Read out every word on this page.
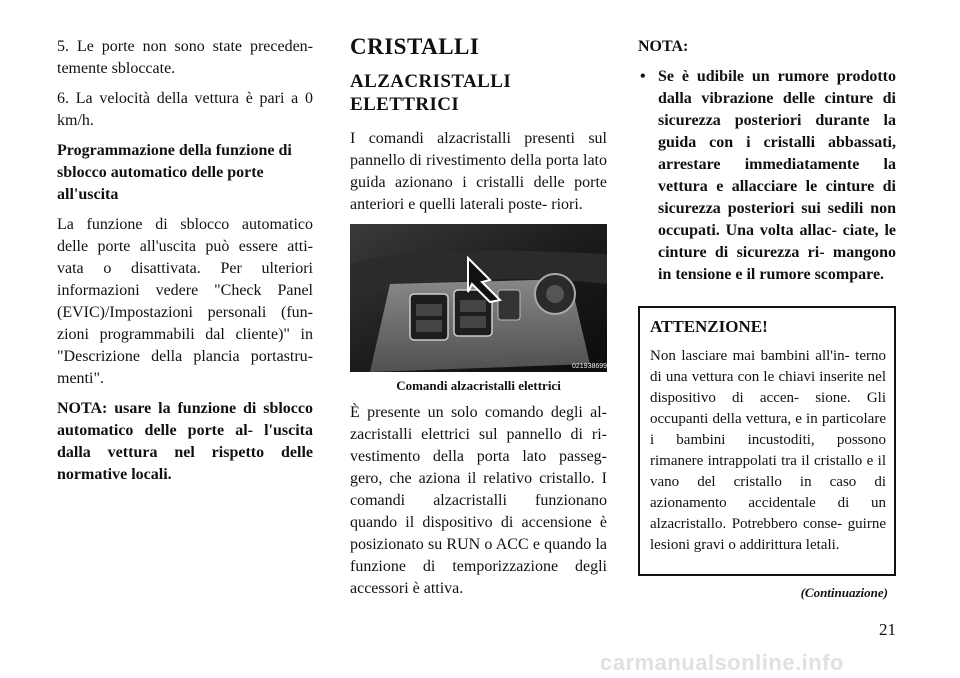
5. Le porte non sono state preceden- temente sbloccate.

6. La velocità della vettura è pari a 0 km/h.

Programmazione della funzione di sblocco automatico delle porte all'uscita

La funzione di sblocco automatico delle porte all'uscita può essere atti- vata o disattivata. Per ulteriori informazioni vedere "Check Panel (EVIC)/Impostazioni personali (fun- zioni programmabili dal cliente)" in "Descrizione della plancia portastru- menti".

NOTA: usare la funzione di sblocco automatico delle porte al- l'uscita dalla vettura nel rispetto delle normative locali.

CRISTALLI
ALZACRISTALLI ELETTRICI

I comandi alzacristalli presenti sul pannello di rivestimento della porta lato guida azionano i cristalli delle porte anteriori e quelli laterali poste- riori.

021938699

Comandi alzacristalli elettrici

È presente un solo comando degli al- zacristalli elettrici sul pannello di ri- vestimento della porta lato passeg- gero, che aziona il relativo cristallo. I comandi alzacristalli funzionano quando il dispositivo di accensione è posizionato su RUN o ACC e quando la funzione di temporizzazione degli accessori è attiva.

NOTA:

• Se è udibile un rumore prodotto dalla vibrazione delle cinture di sicurezza posteriori durante la guida con i cristalli abbassati, arrestare immediatamente la vettura e allacciare le cinture di sicurezza posteriori sui sedili non occupati. Una volta allac- ciate, le cinture di sicurezza ri- mangono in tensione e il rumore scompare.

ATTENZIONE!

Non lasciare mai bambini all'in- terno di una vettura con le chiavi inserite nel dispositivo di accen- sione. Gli occupanti della vettura, e in particolare i bambini incustoditi, possono rimanere intrappolati tra il cristallo e il vano del cristallo in caso di azionamento accidentale di un alzacristallo. Potrebbero conse- guirne lesioni gravi o addirittura letali.

(Continuazione)

21
carmanualsonline.info
